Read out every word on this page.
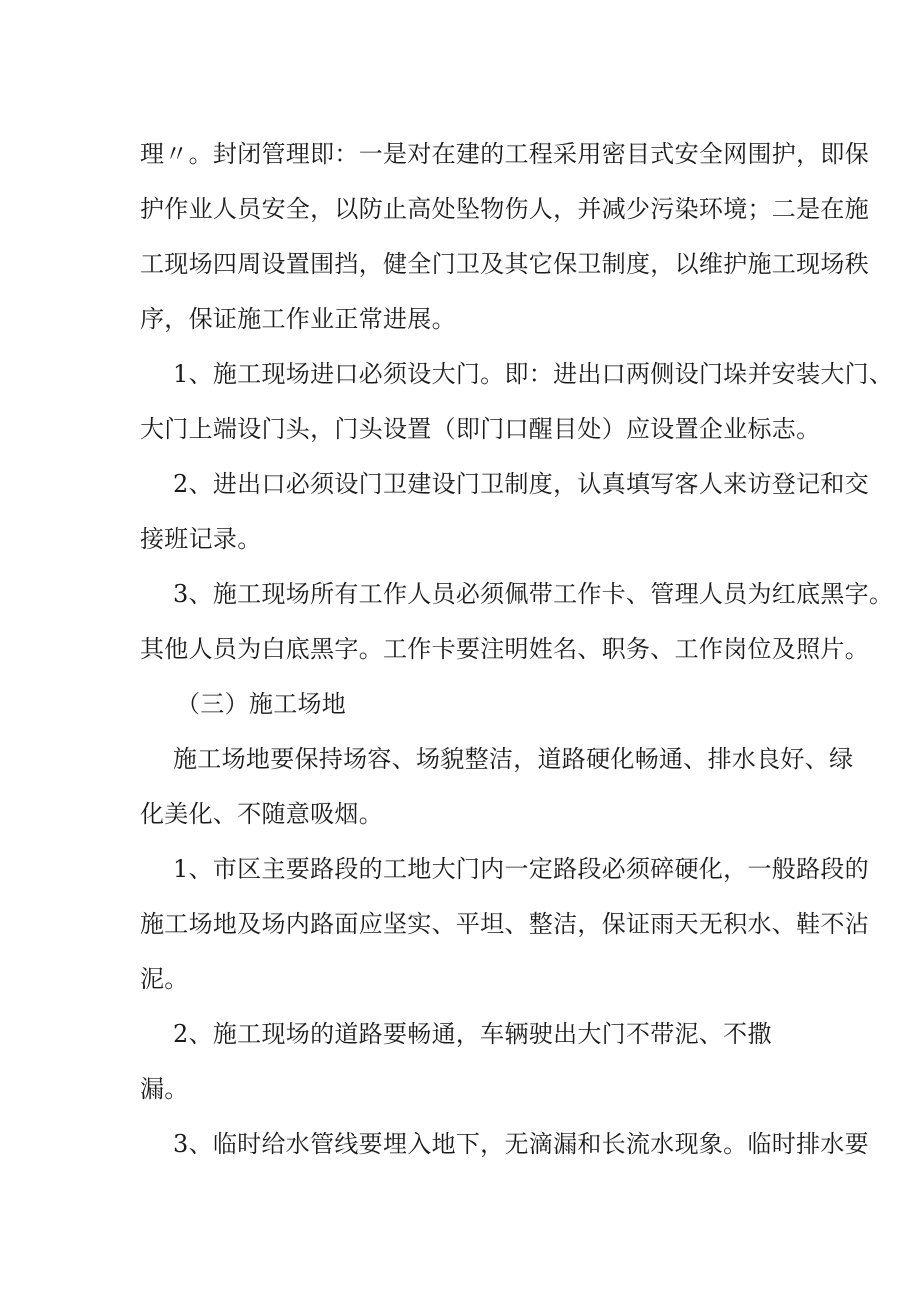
理〃。封闭管理即：一是对在建的工程采用密目式安全网围护，即保
护作业人员安全，以防止高处坠物伤人，并减少污染环境；二是在施
工现场四周设置围挡，健全门卫及其它保卫制度，以维护施工现场秩
序，保证施工作业正常进展。
1、施工现场进口必须设大门。即：进出口两侧设门垛并安装大门、
大门上端设门头，门头设置（即门口醒目处）应设置企业标志。
2、进出口必须设门卫建设门卫制度，认真填写客人来访登记和交
接班记录。
3、施工现场所有工作人员必须佩带工作卡、管理人员为红底黑字。
其他人员为白底黑字。工作卡要注明姓名、职务、工作岗位及照片。
（三）施工场地
施工场地要保持场容、场貌整洁，道路硬化畅通、排水良好、绿
化美化、不随意吸烟。
1、市区主要路段的工地大门内一定路段必须碎硬化，一般路段的
施工场地及场内路面应坚实、平坦、整洁，保证雨天无积水、鞋不沾
泥。
2、施工现场的道路要畅通，车辆驶出大门不带泥、不撒
漏。
3、临时给水管线要埋入地下，无滴漏和长流水现象。临时排水要
